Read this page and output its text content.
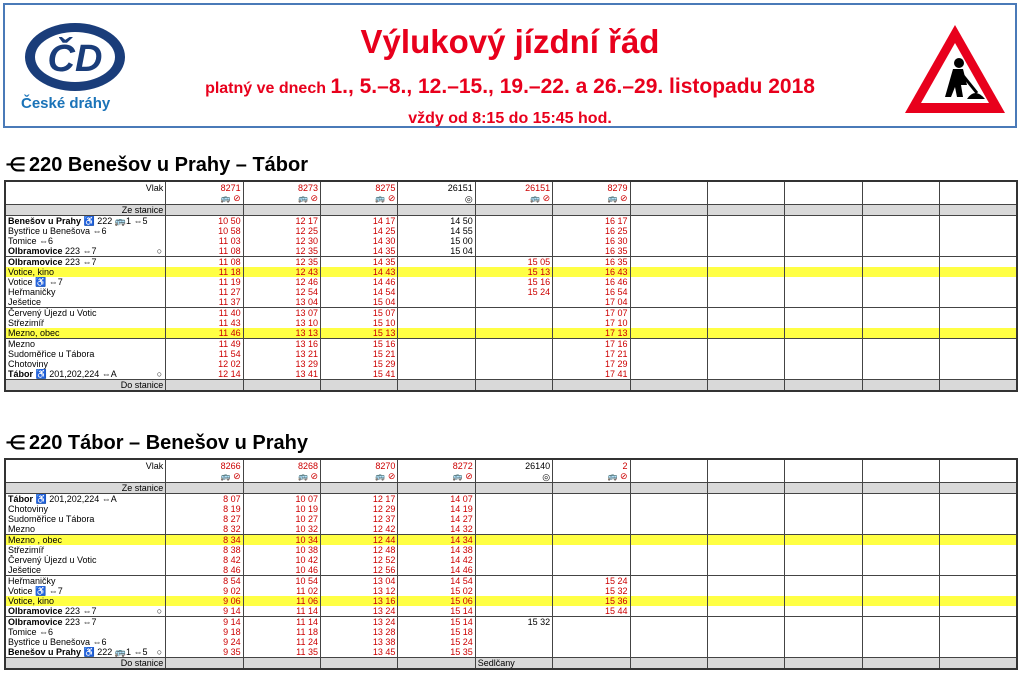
ČD
České dráhy
Výlukový jízdní řád
platný ve dnech 1., 5.–8., 12.–15., 19.–22. a 26.–29. listopadu 2018
vždy od 8:15 do 15:45 hod.
⋲ 220 Benešov u Prahy – Tábor
Vlak		8271	8273	8275	26151	26151	8279					
		🚌 ⊘	🚌 ⊘	🚌 ⊘	◎	🚌 ⊘	🚌 ⊘					
Ze stanice												
Benešov u Prahy ♿ 222 🚌1 ⇔5		10 50	12 17	14 17	14 50		16 17					
Bystřice u Benešova ⇔6		10 58	12 25	14 25	14 55		16 25					
Tomice ⇔6		11 03	12 30	14 30	15 00		16 30					
Olbramovice 223 ⇔7	○	11 08	12 35	14 35	15 04		16 35					
Olbramovice 223 ⇔7		11 08	12 35	14 35		15 05	16 35					
Votice, kino		11 18	12 43	14 43		15 13	16 43					
Votice ♿ ⇔7		11 19	12 46	14 46		15 16	16 46					
Heřmaničky		11 27	12 54	14 54		15 24	16 54					
Ješetice		11 37	13 04	15 04			17 04					
Červený Újezd u Votic		11 40	13 07	15 07			17 07					
Střezimíř		11 43	13 10	15 10			17 10					
Mezno, obec		11 46	13 13	15 13			17 13					
Mezno		11 49	13 16	15 16			17 16					
Sudoměřice u Tábora		11 54	13 21	15 21			17 21					
Chotoviny		12 02	13 29	15 29			17 29					
Tábor ♿ 201,202,224 ⇔A	○	12 14	13 41	15 41			17 41					
Do stanice												
⋲ 220 Tábor – Benešov u Prahy
Vlak		8266	8268	8270	8272	26140	2					
		🚌 ⊘	🚌 ⊘	🚌 ⊘	🚌 ⊘	◎	🚌 ⊘					
Ze stanice												
Tábor ♿ 201,202,224 ⇔A		8 07	10 07	12 17	14 07							
Chotoviny		8 19	10 19	12 29	14 19							
Sudoměřice u Tábora		8 27	10 27	12 37	14 27							
Mezno		8 32	10 32	12 42	14 32							
Mezno , obec		8 34	10 34	12 44	14 34							
Střezimíř		8 38	10 38	12 48	14 38							
Červený Újezd u Votic		8 42	10 42	12 52	14 42							
Ješetice		8 46	10 46	12 56	14 46							
Heřmaničky		8 54	10 54	13 04	14 54		15 24					
Votice ♿ ⇔7		9 02	11 02	13 12	15 02		15 32					
Votice, kino		9 06	11 06	13 16	15 06		15 36					
Olbramovice 223 ⇔7	○	9 14	11 14	13 24	15 14		15 44					
Olbramovice 223 ⇔7		9 14	11 14	13 24	15 14	15 32						
Tomice ⇔6		9 18	11 18	13 28	15 18							
Bystřice u Benešova ⇔6		9 24	11 24	13 38	15 24							
Benešov u Prahy ♿ 222 🚌1 ⇔5	○	9 35	11 35	13 45	15 35							
Do stanice						Sedlčany						
